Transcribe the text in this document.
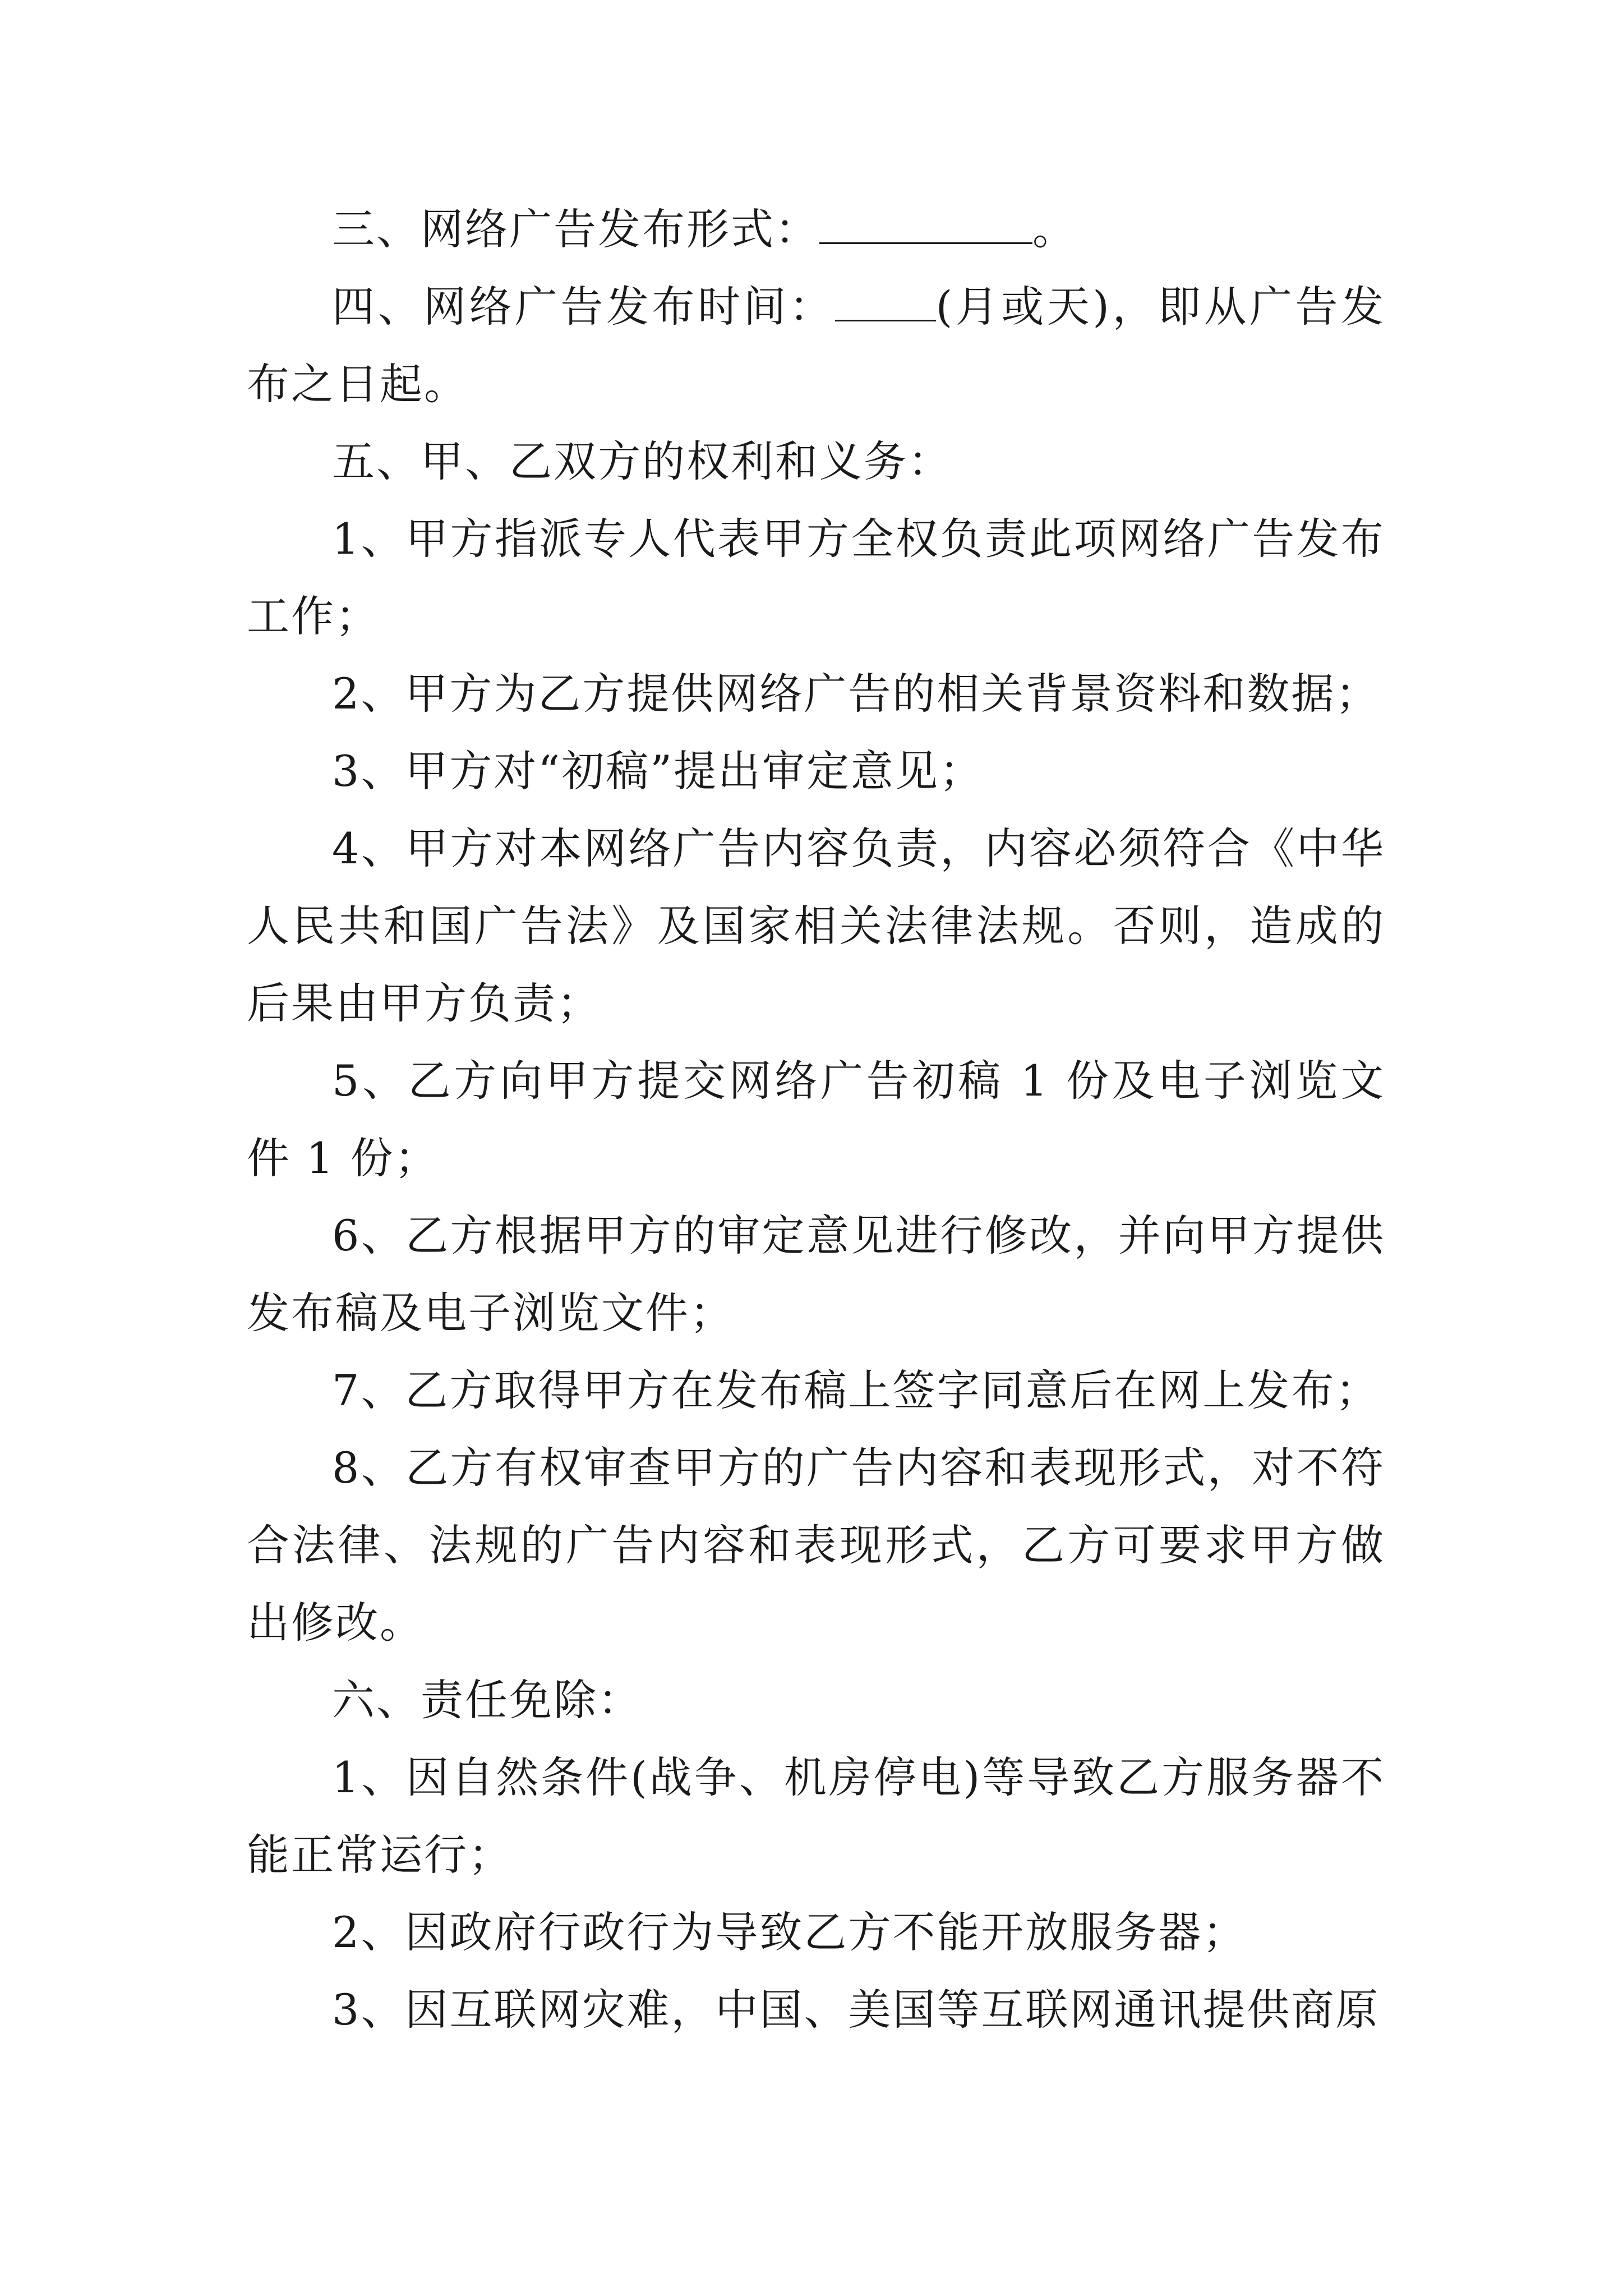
三、网络广告发布形式：	。

四、网络广告发布时间： (月或天)，即从广告发布之日起。

五、甲、乙双方的权利和义务：

1、甲方指派专人代表甲方全权负责此项网络广告发布工作；

2、甲方为乙方提供网络广告的相关背景资料和数据；

3、甲方对“初稿”提出审定意见；

4、甲方对本网络广告内容负责，内容必须符合《中华人民共和国广告法》及国家相关法律法规。否则，造成的后果由甲方负责；

5、乙方向甲方提交网络广告初稿 1 份及电子浏览文件 1 份；

6、乙方根据甲方的审定意见进行修改，并向甲方提供发布稿及电子浏览文件；

7、乙方取得甲方在发布稿上签字同意后在网上发布；

8、乙方有权审查甲方的广告内容和表现形式，对不符合法律、法规的广告内容和表现形式，乙方可要求甲方做出修改。

六、责任免除：

1、因自然条件(战争、机房停电)等导致乙方服务器不能正常运行；

2、因政府行政行为导致乙方不能开放服务器；

3、因互联网灾难，中国、美国等互联网通讯提供商原
